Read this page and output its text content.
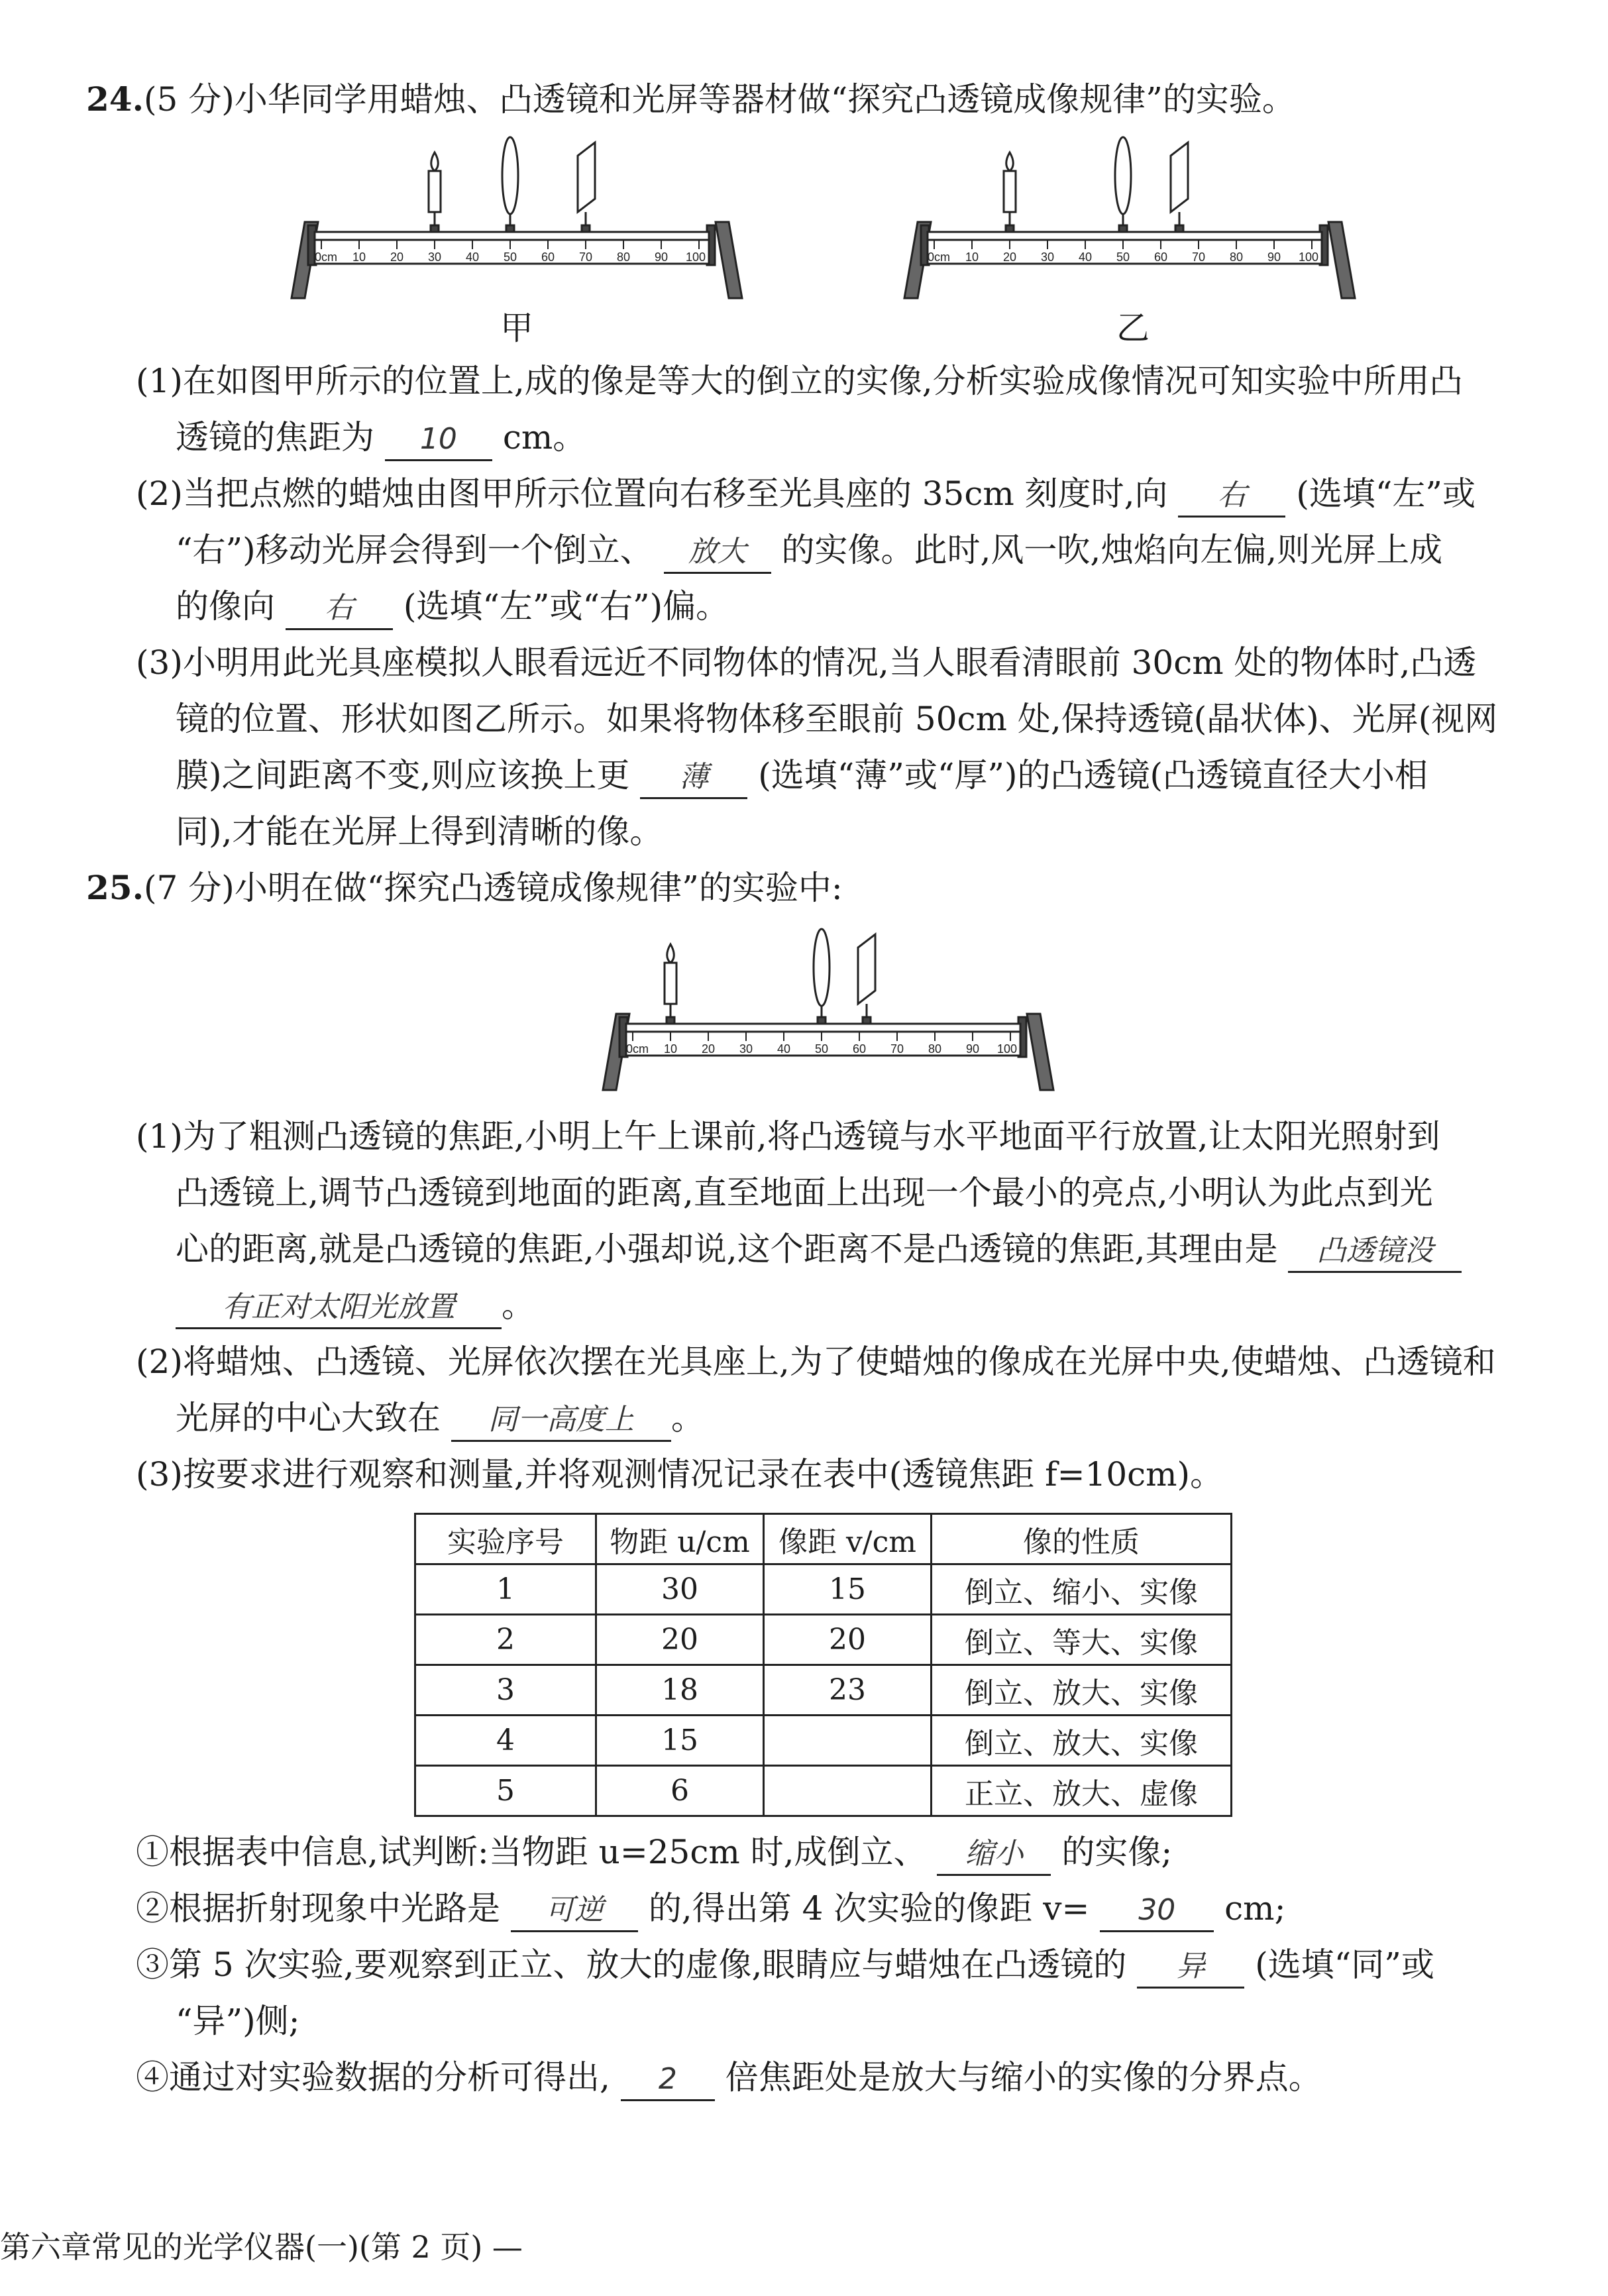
24.(5 分)小华同学用蜡烛、凸透镜和光屏等器材做“探究凸透镜成像规律”的实验。
0cm 10 20 30 40 50 60 70 80 90 100
甲
0cm 10 20 30 40 50 60 70 80 90 100
乙
(1)在如图甲所示的位置上,成的像是等大的倒立的实像,分析实验成像情况可知实验中所用凸
透镜的焦距为 10 cm。
(2)当把点燃的蜡烛由图甲所示位置向右移至光具座的 35cm 刻度时,向 右 (选填“左”或
“右”)移动光屏会得到一个倒立、 放大 的实像。此时,风一吹,烛焰向左偏,则光屏上成
的像向 右 (选填“左”或“右”)偏。
(3)小明用此光具座模拟人眼看远近不同物体的情况,当人眼看清眼前 30cm 处的物体时,凸透
镜的位置、形状如图乙所示。如果将物体移至眼前 50cm 处,保持透镜(晶状体)、光屏(视网
膜)之间距离不变,则应该换上更 薄 (选填“薄”或“厚”)的凸透镜(凸透镜直径大小相
同),才能在光屏上得到清晰的像。
25.(7 分)小明在做“探究凸透镜成像规律”的实验中:
0cm 10 20 30 40 50 60 70 80 90 100
(1)为了粗测凸透镜的焦距,小明上午上课前,将凸透镜与水平地面平行放置,让太阳光照射到
凸透镜上,调节凸透镜到地面的距离,直至地面上出现一个最小的亮点,小明认为此点到光
心的距离,就是凸透镜的焦距,小强却说,这个距离不是凸透镜的焦距,其理由是 凸透镜没
有正对太阳光放置 。
(2)将蜡烛、凸透镜、光屏依次摆在光具座上,为了使蜡烛的像成在光屏中央,使蜡烛、凸透镜和
光屏的中心大致在 同一高度上 。
(3)按要求进行观察和测量,并将观测情况记录在表中(透镜焦距 f=10cm)。
实验序号	物距 u/cm	像距 v/cm	像的性质
1	30	15	倒立、缩小、实像
2	20	20	倒立、等大、实像
3	18	23	倒立、放大、实像
4	15		倒立、放大、实像
5	6		正立、放大、虚像
①根据表中信息,试判断:当物距 u=25cm 时,成倒立、 缩小 的实像;
②根据折射现象中光路是 可逆 的,得出第 4 次实验的像距 v= 30 cm;
③第 5 次实验,要观察到正立、放大的虚像,眼睛应与蜡烛在凸透镜的 异 (选填“同”或
“异”)侧;
④通过对实验数据的分析可得出, 2 倍焦距处是放大与缩小的实像的分界点。
第六章常见的光学仪器(一)(第 2 页) —
